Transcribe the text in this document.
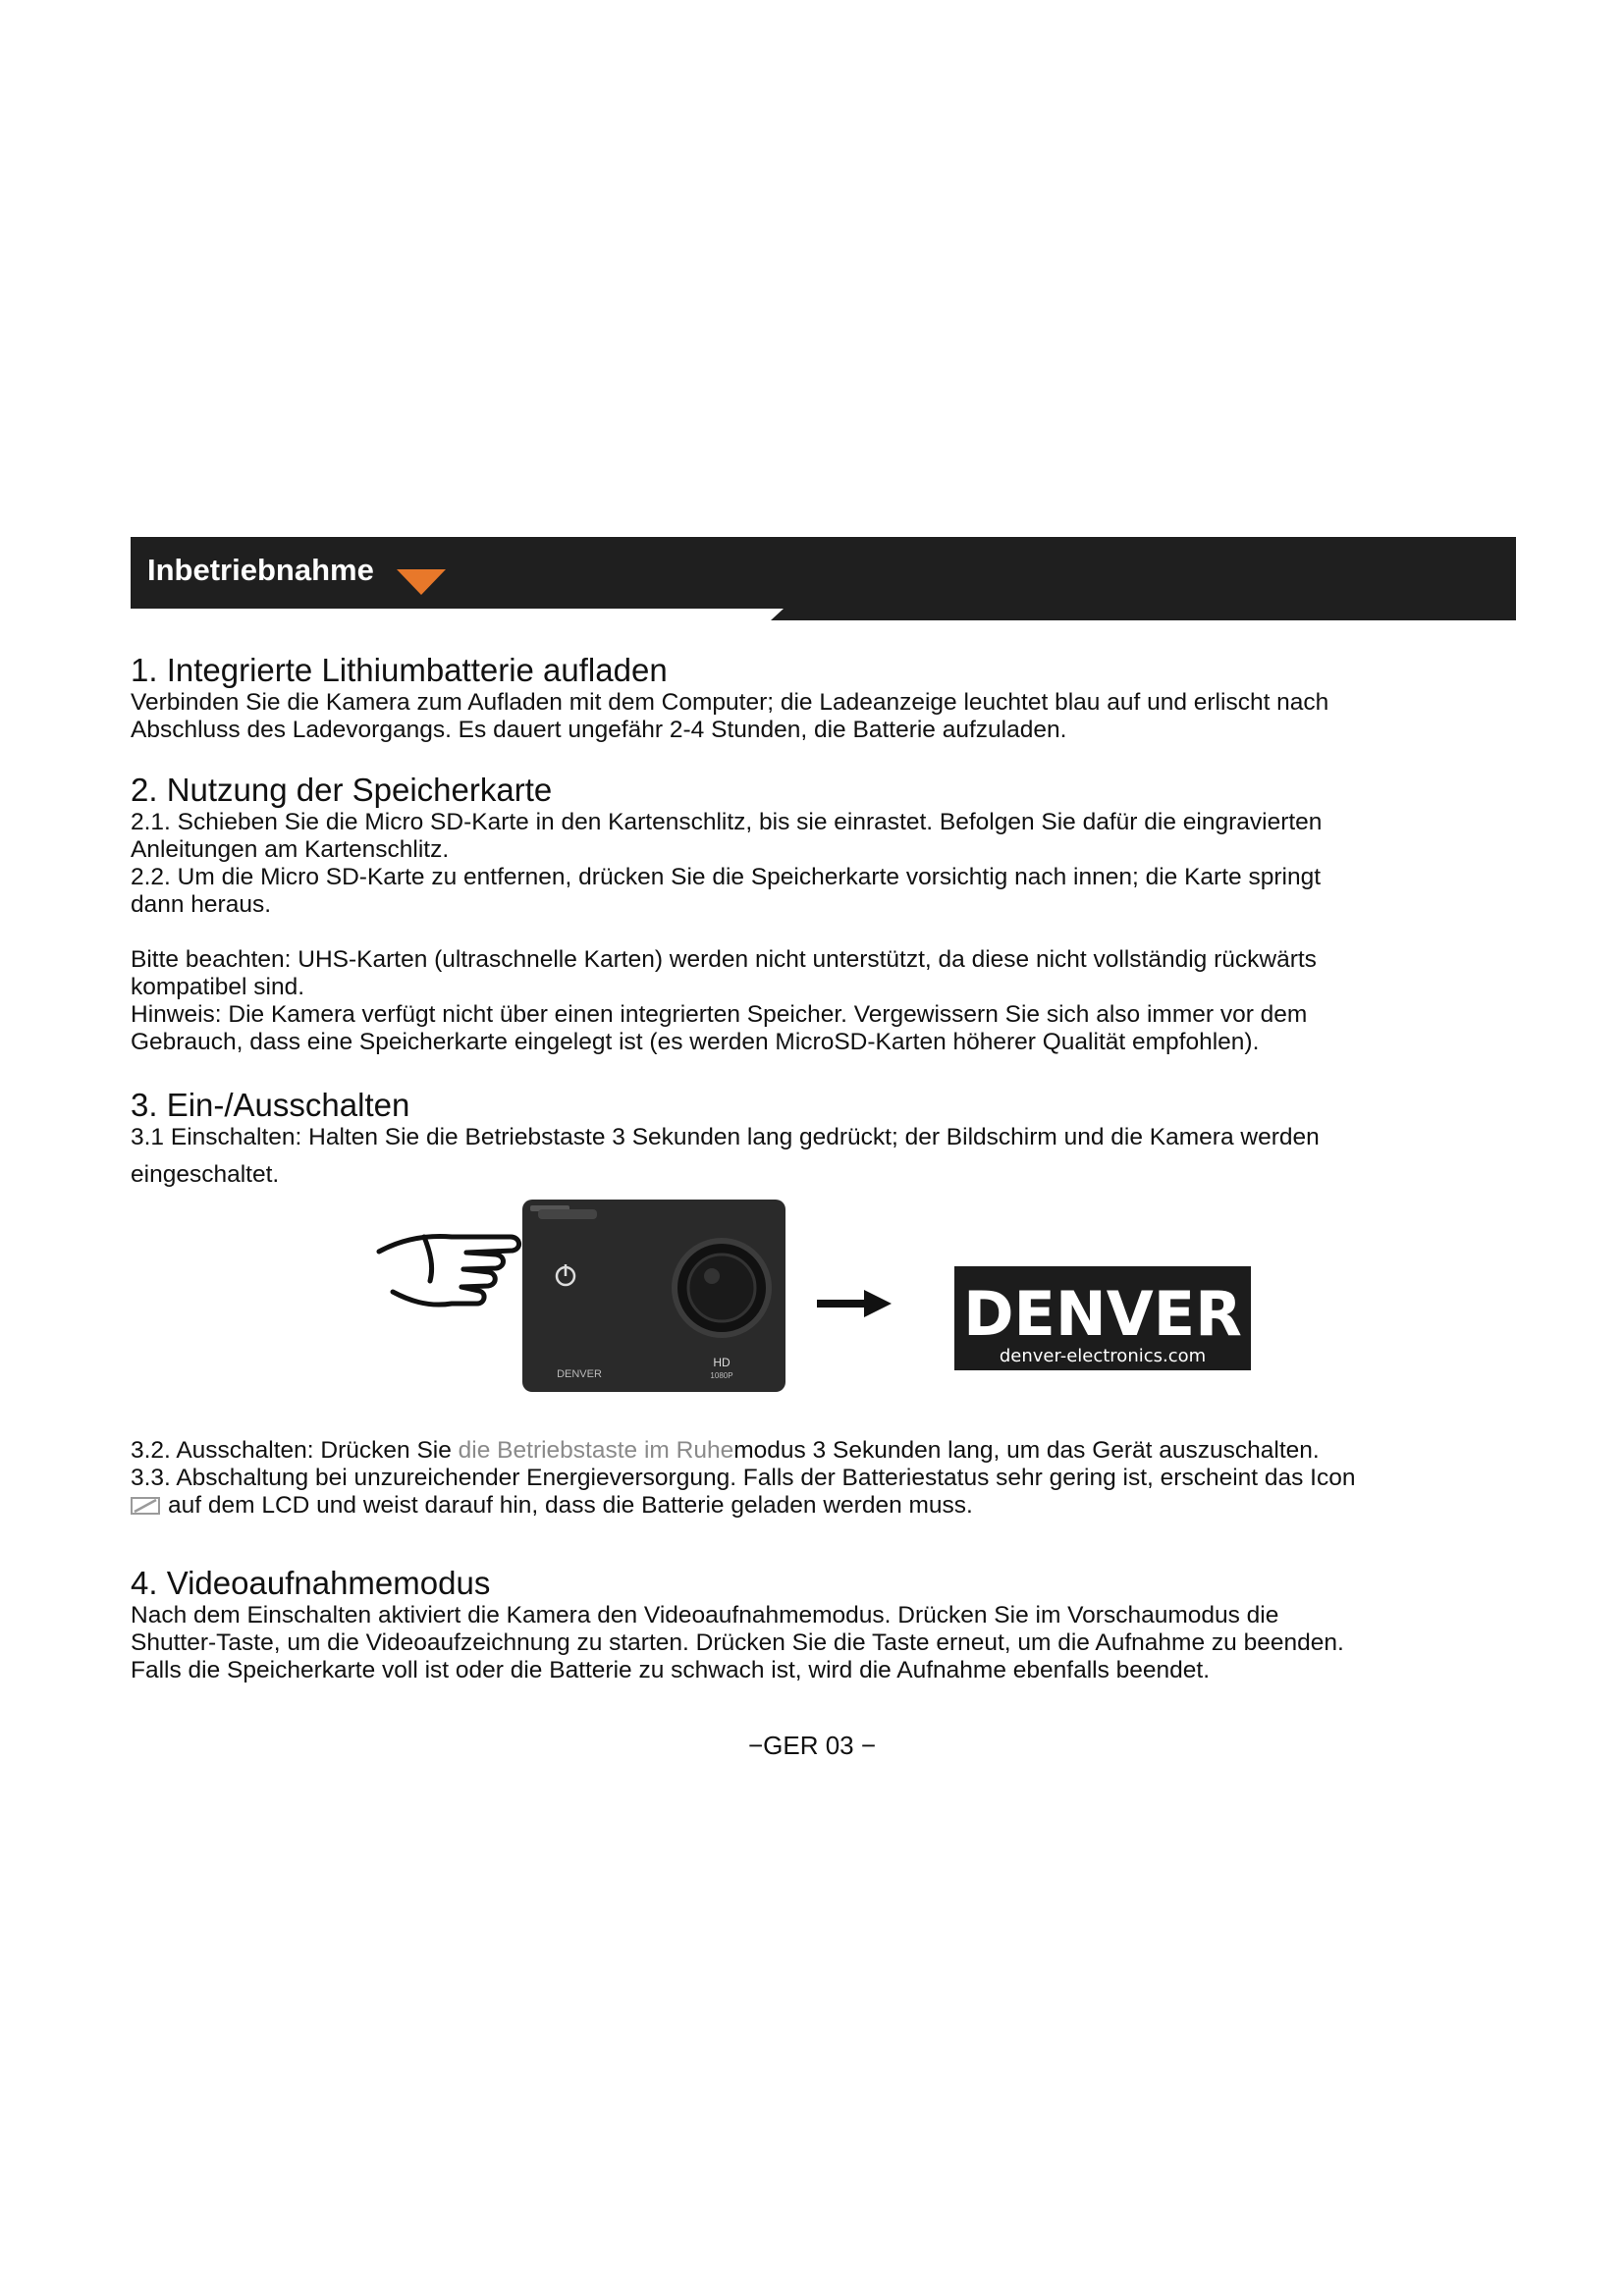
Inbetriebnahme
1. Integrierte Lithiumbatterie aufladen

Verbinden Sie die Kamera zum Aufladen mit dem Computer; die Ladeanzeige leuchtet blau auf und erlischt nach

Abschluss des Ladevorgangs. Es dauert ungefähr 2-4 Stunden, die Batterie aufzuladen.

2. Nutzung der Speicherkarte

2.1. Schieben Sie die Micro SD-Karte in den Kartenschlitz, bis sie einrastet. Befolgen Sie dafür die eingravierten

Anleitungen am Kartenschlitz.

2.2. Um die Micro SD-Karte zu entfernen, drücken Sie die Speicherkarte vorsichtig nach innen; die Karte springt

dann heraus.

Bitte beachten: UHS-Karten (ultraschnelle Karten) werden nicht unterstützt, da diese nicht vollständig rückwärts

kompatibel sind.

Hinweis: Die Kamera verfügt nicht über einen integrierten Speicher. Vergewissern Sie sich also immer vor dem

Gebrauch, dass eine Speicherkarte eingelegt ist (es werden MicroSD-Karten höherer Qualität empfohlen).

3. Ein-/Ausschalten

3.1 Einschalten: Halten Sie die Betriebstaste 3 Sekunden lang gedrückt; der Bildschirm und die Kamera werden

eingeschaltet.

DENVER
HD
1080P
DENVER
denver-electronics.com

3.2. Ausschalten: Drücken Sie die Betriebstaste im Ruhemodus 3 Sekunden lang, um das Gerät auszuschalten.

3.3. Abschaltung bei unzureichender Energieversorgung. Falls der Batteriestatus sehr gering ist, erscheint das Icon

auf dem LCD und weist darauf hin, dass die Batterie geladen werden muss.

4. Videoaufnahmemodus

Nach dem Einschalten aktiviert die Kamera den Videoaufnahmemodus. Drücken Sie im Vorschaumodus die

Shutter-Taste, um die Videoaufzeichnung zu starten. Drücken Sie die Taste erneut, um die Aufnahme zu beenden.

Falls die Speicherkarte voll ist oder die Batterie zu schwach ist, wird die Aufnahme ebenfalls beendet.

−GER 03 −
